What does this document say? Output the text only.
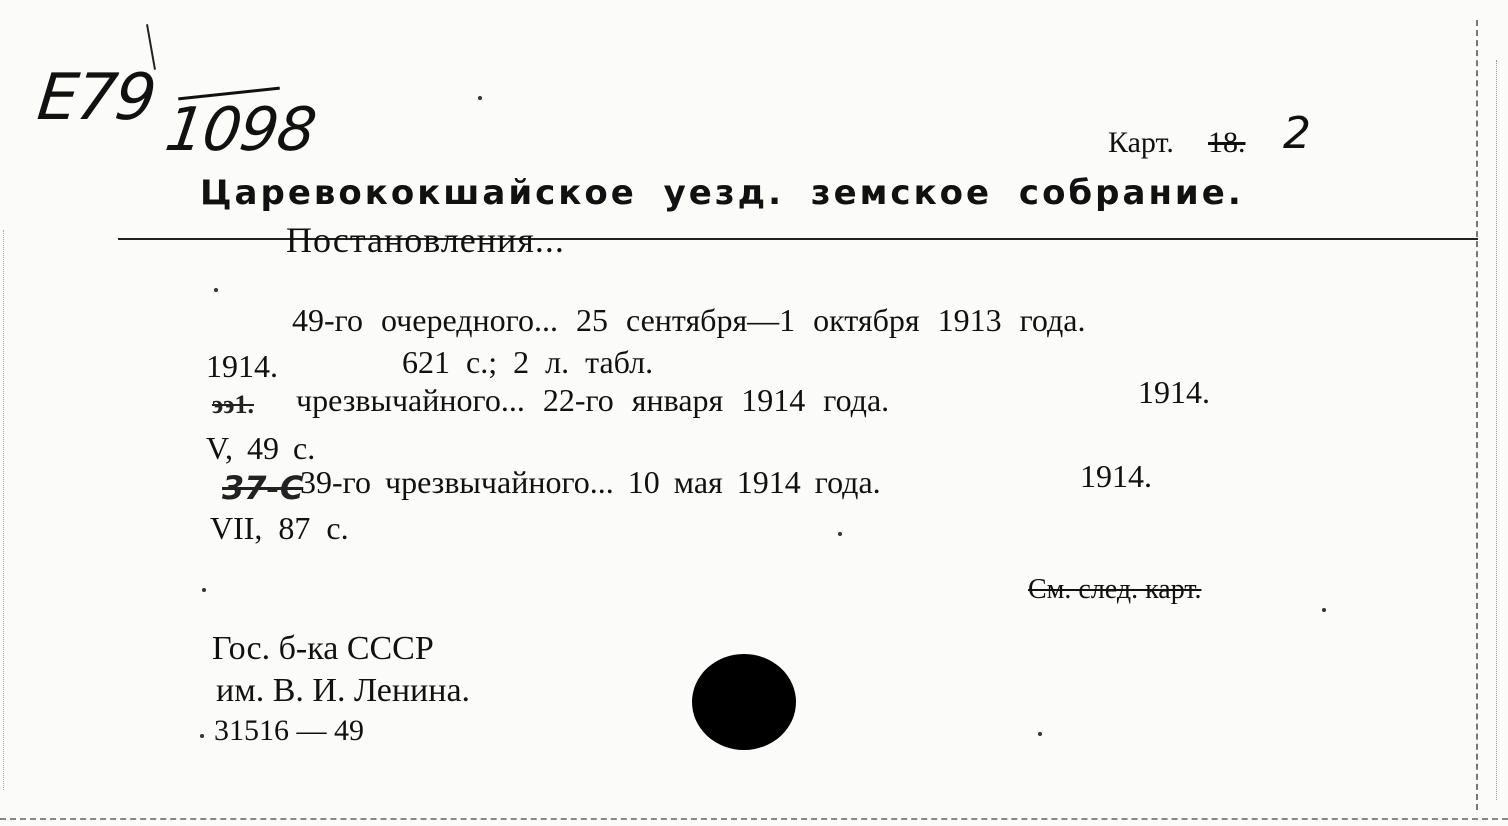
E79 1098	Карт. 18. 2
Царевококшайское уезд. земское собрание.
Постановления...
49-го очередного... 25 сентября—1 октября 1913 года.
1914.	621 с.; 2 л. табл.
ээ1. чрезвычайного... 22-го января 1914 года.	1914.
V, 49 с.
37-C
39-го чрезвычайного... 10 мая 1914 года.	1914.
VII, 87 с.
См. след. карт.
Гос. б-ка СССР
им. В. И. Ленина.
31516 — 49
